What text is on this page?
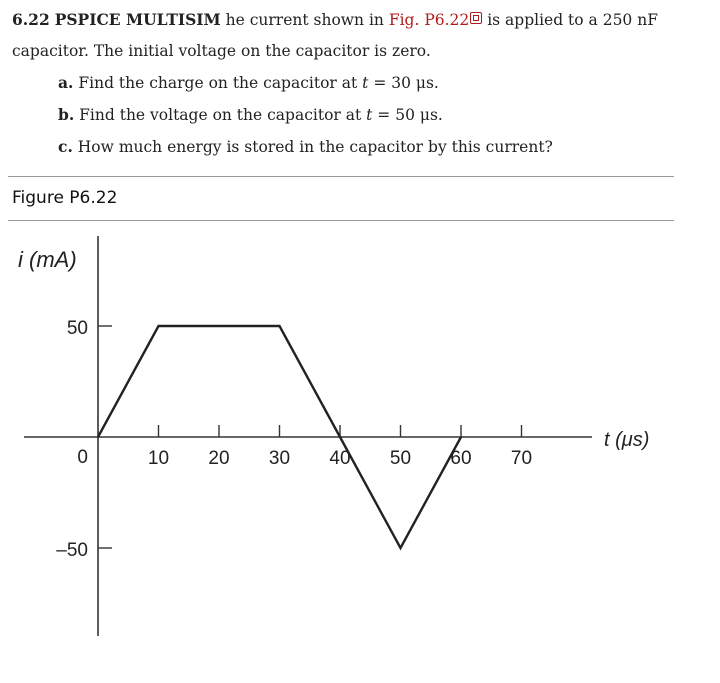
6.22 PSPICE MULTISIM he current shown in Fig. P6.22 is applied to a 250 nF
capacitor. The initial voltage on the capacitor is zero.
a. Find the charge on the capacitor at t = 30 μs.
b. Find the voltage on the capacitor at t = 50 μs.
c. How much energy is stored in the capacitor by this current?
Figure P6.22
50
0
–50
10 20 30 40 50 60 70
i (mA)
t (μs)
